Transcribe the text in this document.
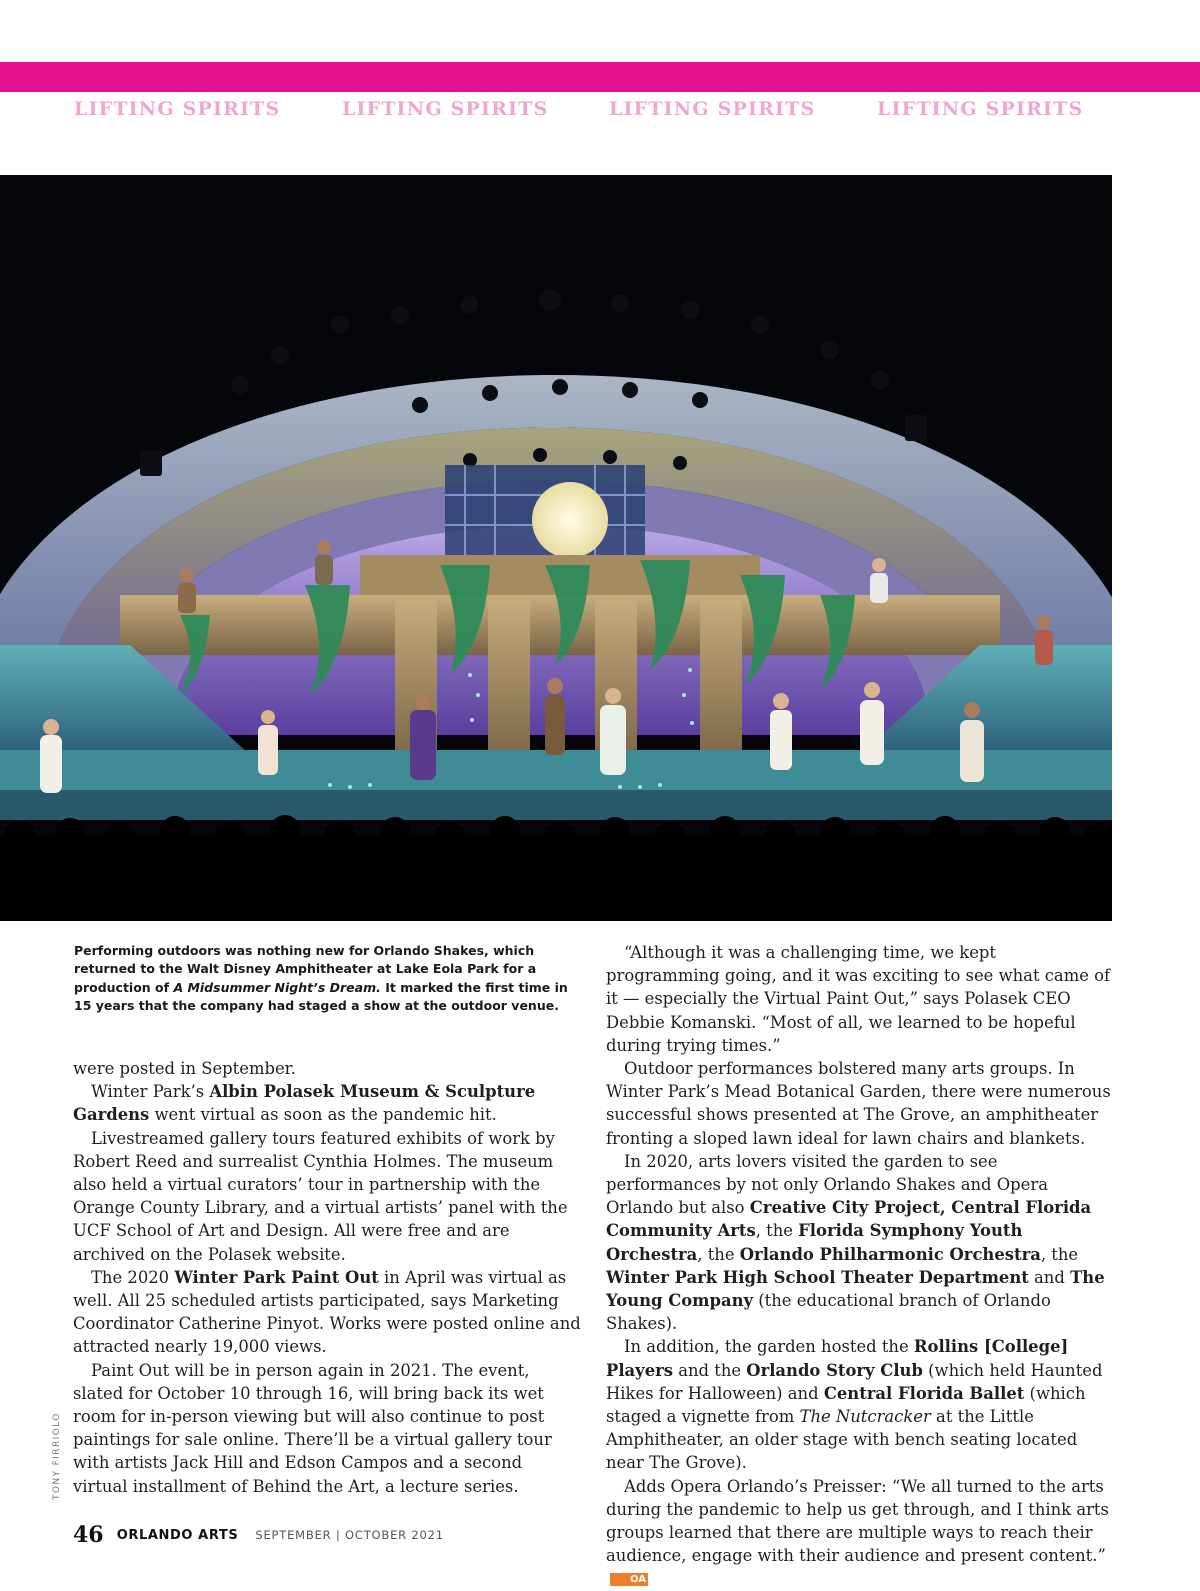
LIFTING SPIRITS	LIFTING SPIRITS	LIFTING SPIRITS	LIFTING SPIRITS
Performing outdoors was nothing new for Orlando Shakes, which returned to the Walt Disney Amphitheater at Lake Eola Park for a production of A Midsummer Night’s Dream. It marked the first time in 15 years that the company had staged a show at the outdoor venue.

were posted in September.

Winter Park’s Albin Polasek Museum & Sculpture Gardens went virtual as soon as the pandemic hit.

Livestreamed gallery tours featured exhibits of work by Robert Reed and surrealist Cynthia Holmes. The museum also held a virtual curators’ tour in partnership with the Orange County Library, and a virtual artists’ panel with the UCF School of Art and Design. All were free and are archived on the Polasek website.

The 2020 Winter Park Paint Out in April was virtual as well. All 25 scheduled artists participated, says Marketing Coordinator Catherine Pinyot. Works were posted online and attracted nearly 19,000 views.

Paint Out will be in person again in 2021. The event, slated for October 10 through 16, will bring back its wet room for in-person viewing but will also continue to post paintings for sale online. There’ll be a virtual gallery tour with artists Jack Hill and Edson Campos and a second virtual installment of Behind the Art, a lecture series.

“Although it was a challenging time, we kept programming going, and it was exciting to see what came of it — especially the Virtual Paint Out,” says Polasek CEO Debbie Komanski. “Most of all, we learned to be hopeful during trying times.”

Outdoor performances bolstered many arts groups. In Winter Park’s Mead Botanical Garden, there were numerous successful shows presented at The Grove, an amphitheater fronting a sloped lawn ideal for lawn chairs and blankets.

In 2020, arts lovers visited the garden to see performances by not only Orlando Shakes and Opera Orlando but also Creative City Project, Central Florida Community Arts, the Florida Symphony Youth Orchestra, the Orlando Philharmonic Orchestra, the Winter Park High School Theater Department and The Young Company (the educational branch of Orlando Shakes).

In addition, the garden hosted the Rollins [College] Players and the Orlando Story Club (which held Haunted Hikes for Halloween) and Central Florida Ballet (which staged a vignette from The Nutcracker at the Little Amphitheater, an older stage with bench seating located near The Grove).

Adds Opera Orlando’s Preisser: “We all turned to the arts during the pandemic to help us get through, and I think arts groups learned that there are multiple ways to reach their audience, engage with their audience and present content.”OA

TONY FIRRIOLO
46 ORLANDO ARTS SEPTEMBER | OCTOBER 2021
